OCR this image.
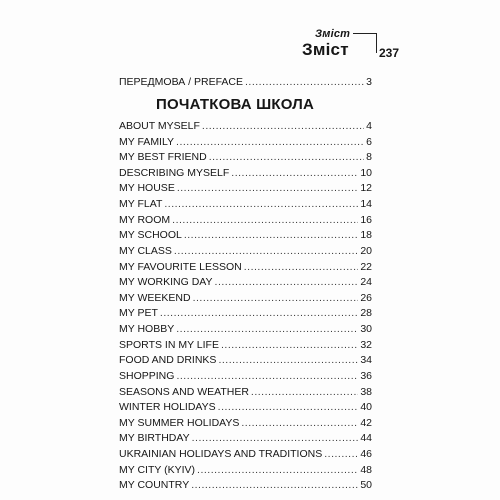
Зміст
Зміст	237
ПЕРЕДМОВА / PREFACE .....	3
ПОЧАТКОВА ШКОЛА
ABOUT MYSELF .....	4
MY FAMILY .....	6
MY BEST FRIEND .....	8
DESCRIBING MYSELF .....	10
MY HOUSE .....	12
MY FLAT .....	14
MY ROOM .....	16
MY SCHOOL .....	18
MY CLASS .....	20
MY FAVOURITE LESSON .....	22
MY WORKING DAY .....	24
MY WEEKEND .....	26
MY PET .....	28
MY HOBBY .....	30
SPORTS IN MY LIFE .....	32
FOOD AND DRINKS .....	34
SHOPPING .....	36
SEASONS AND WEATHER .....	38
WINTER HOLIDAYS .....	40
MY SUMMER HOLIDAYS .....	42
MY BIRTHDAY .....	44
UKRAINIAN HOLIDAYS AND TRADITIONS .....	46
MY CITY (KYIV) .....	48
MY COUNTRY .....	50
